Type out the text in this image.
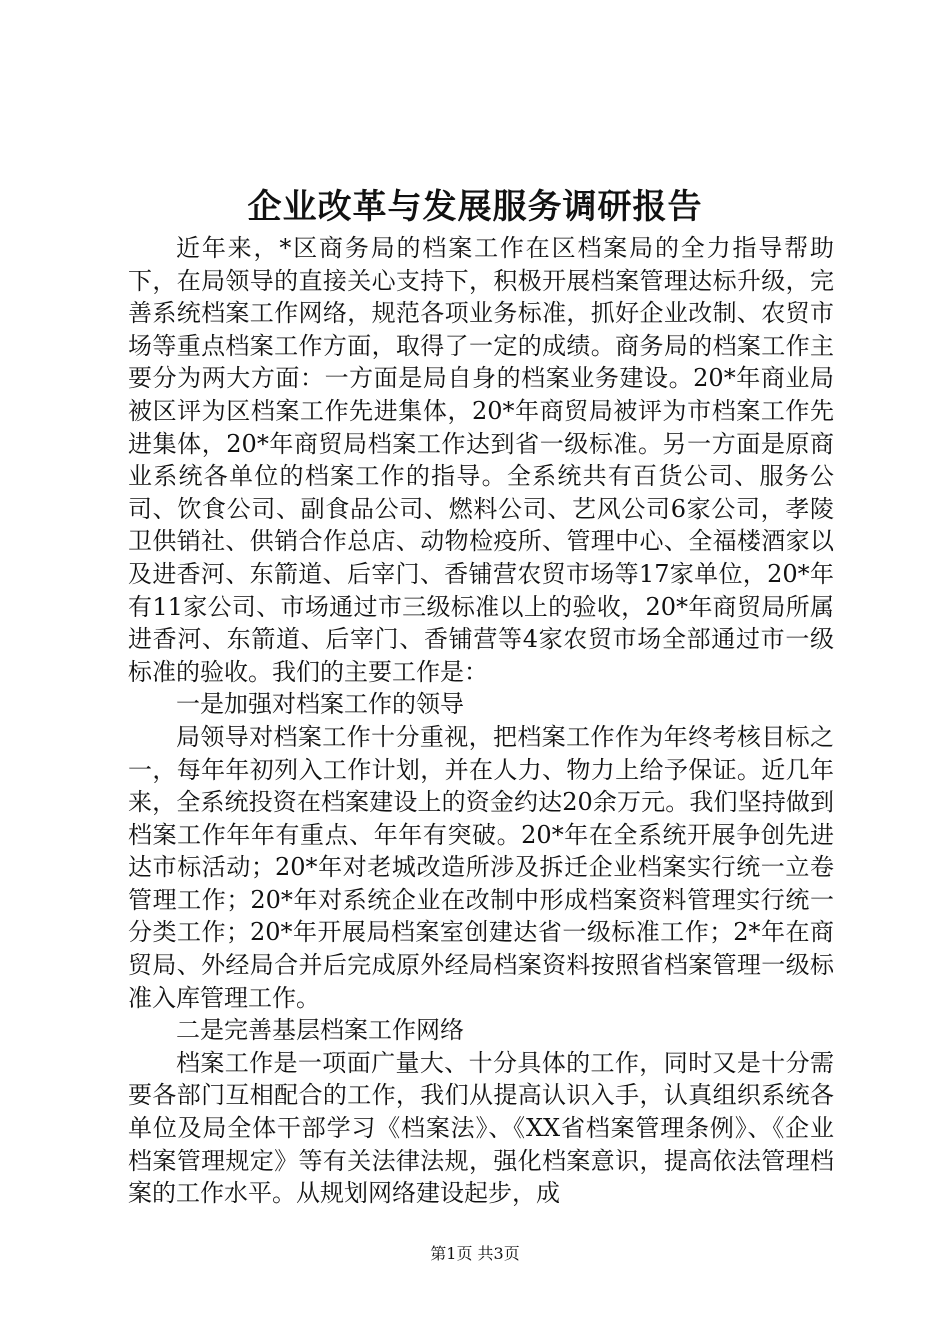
企业改革与发展服务调研报告

近年来，*区商务局的档案工作在区档案局的全力指导帮助下，在局领导的直接关心支持下，积极开展档案管理达标升级，完善系统档案工作网络，规范各项业务标准，抓好企业改制、农贸市场等重点档案工作方面，取得了一定的成绩。商务局的档案工作主要分为两大方面：一方面是局自身的档案业务建设。20*年商业局被区评为区档案工作先进集体，20*年商贸局被评为市档案工作先进集体，20*年商贸局档案工作达到省一级标准。另一方面是原商业系统各单位的档案工作的指导。全系统共有百货公司、服务公司、饮食公司、副食品公司、燃料公司、艺风公司6家公司，孝陵卫供销社、供销合作总店、动物检疫所、管理中心、全福楼酒家以及进香河、东箭道、后宰门、香铺营农贸市场等17家单位，20*年有11家公司、市场通过市三级标准以上的验收，20*年商贸局所属进香河、东箭道、后宰门、香铺营等4家农贸市场全部通过市一级标准的验收。我们的主要工作是：

一是加强对档案工作的领导

局领导对档案工作十分重视，把档案工作作为年终考核目标之一，每年年初列入工作计划，并在人力、物力上给予保证。近几年来，全系统投资在档案建设上的资金约达20余万元。我们坚持做到档案工作年年有重点、年年有突破。20*年在全系统开展争创先进达市标活动；20*年对老城改造所涉及拆迁企业档案实行统一立卷管理工作；20*年对系统企业在改制中形成档案资料管理实行统一分类工作；20*年开展局档案室创建达省一级标准工作；2*年在商贸局、外经局合并后完成原外经局档案资料按照省档案管理一级标准入库管理工作。

二是完善基层档案工作网络

档案工作是一项面广量大、十分具体的工作，同时又是十分需要各部门互相配合的工作，我们从提高认识入手，认真组织系统各单位及局全体干部学习《档案法》、《XX省档案管理条例》、《企业档案管理规定》等有关法律法规，强化档案意识，提高依法管理档案的工作水平。从规划网络建设起步，成

第1页 共3页
